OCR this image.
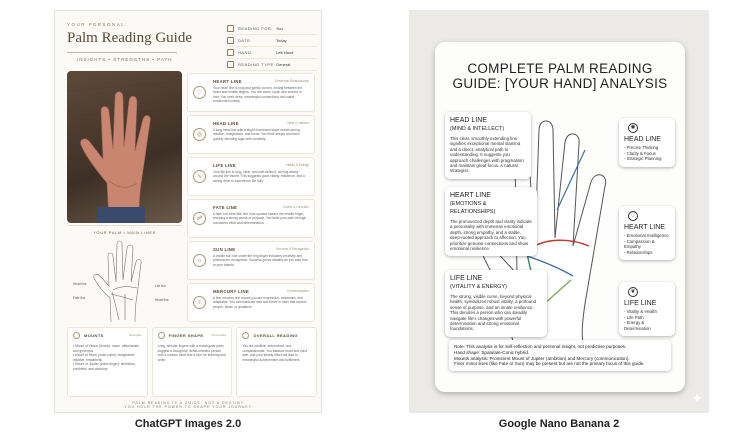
YOUR PERSONAL
Palm Reading Guide
INSIGHTS • STRENGTHS • PATH
READING FOR: You
DATE:	Today
HAND:	Left Hand
READING TYPE: General
YOUR PALM • MAIN LINES
Head line
Fate line
Life line
Heart line
♡
HEART LINE	Emotional Relationships
Your heart line is long and gently curved, ending between the index and middle fingers. You are warm, loyal, and sincere in love. You seek deep, meaningful connections and value emotional honesty.
◎
HEAD LINE	Mind & Intellect
A long head line with a slight downward slope shows strong intuition, imagination, and focus. You think deeply and learn quickly, blending logic with creativity.
∿
LIFE LINE	Vitality & Energy
Your life line is long, clear, and well-defined, curving widely around the thumb. This suggests good vitality, resilience, and a strong drive to experience life fully.
☍
FATE LINE	Career & Direction
A faint but clear fate line runs upward toward the middle finger, showing a strong sense of purpose. You build your path through consistent effort and determination.
☼
SUN LINE	Success & Recognition
A visible sun line under the ring finger indicates creativity and potential for recognition. Success grows steadily as you stay true to your talents.
☿
MERCURY LINE	Communication
A fine mercury line shows you are expressive, observant, and adaptable. You communicate well and thrive in roles that involve people, ideas, or guidance.
MOUNTS	Strengths
• Mount of Venus (thumb): warm, affectionate, and generous
• Mount of Moon (outer palm): imaginative, intuitive, empathetic
• Mount of Jupiter (index finger): ambitious, confident, and visionary
FINGER SHAPE	Personality
Long, slender fingers with a rectangular palm suggest a thoughtful, detail-oriented person with a curious mind and a love for learning and order.
OVERALL READING
You are intuitive, determined, and compassionate. You balance heart and mind well, and your steady effort will lead to meaningful achievement and fulfillment.
PALM READING IS A GUIDE, NOT A DESTINY.
YOU HOLD THE POWER TO SHAPE YOUR JOURNEY.
COMPLETE PALM READING GUIDE: [YOUR HAND] ANALYSIS
HEAD LINE
(MIND & INTELLECT)
This clear, smoothly extending line signifies exceptional mental stamina and a direct, analytical path to understanding. It suggests you approach challenges with pragmatism and maintain great focus. A natural strategist.
HEART LINE
(EMOTIONS & RELATIONSHIPS)
The pronounced depth and clarity indicate a personality with immense emotional depth, strong empathy, and a stable, deep-rooted approach to affection. You prioritize genuine connections and show emotional resilience.
LIFE LINE
(VITALITY & ENERGY)
The strong, visible curve, beyond physical health, symbolizes robust vitality, a profound sense of purpose, and an innate resilience. This denotes a person who can steadily navigate life's changes with powerful determination and strong emotional foundations.
✺
HEAD LINE
- Precise Thinking
- Clarity & Focus
- Strategic Planning
♡
HEART LINE
- Emotional Intelligence
- Compassion & Empathy
- Relationships
❦
LIFE LINE
- Vitality & Health
- Life Path
- Energy & Determination
Note: This analysis is for self-reflection and personal insight, not predictive purposes.
Hand shape: Spatulate-Conic hybrid.
Mounts analysis: Prominent Mount of Jupiter (ambition) and Mercury (communication).
Finer minor lines (like Fate or Sun) may be present but are not the primary focus of this guide.
✦
ChatGPT Images 2.0	Google Nano Banana 2
